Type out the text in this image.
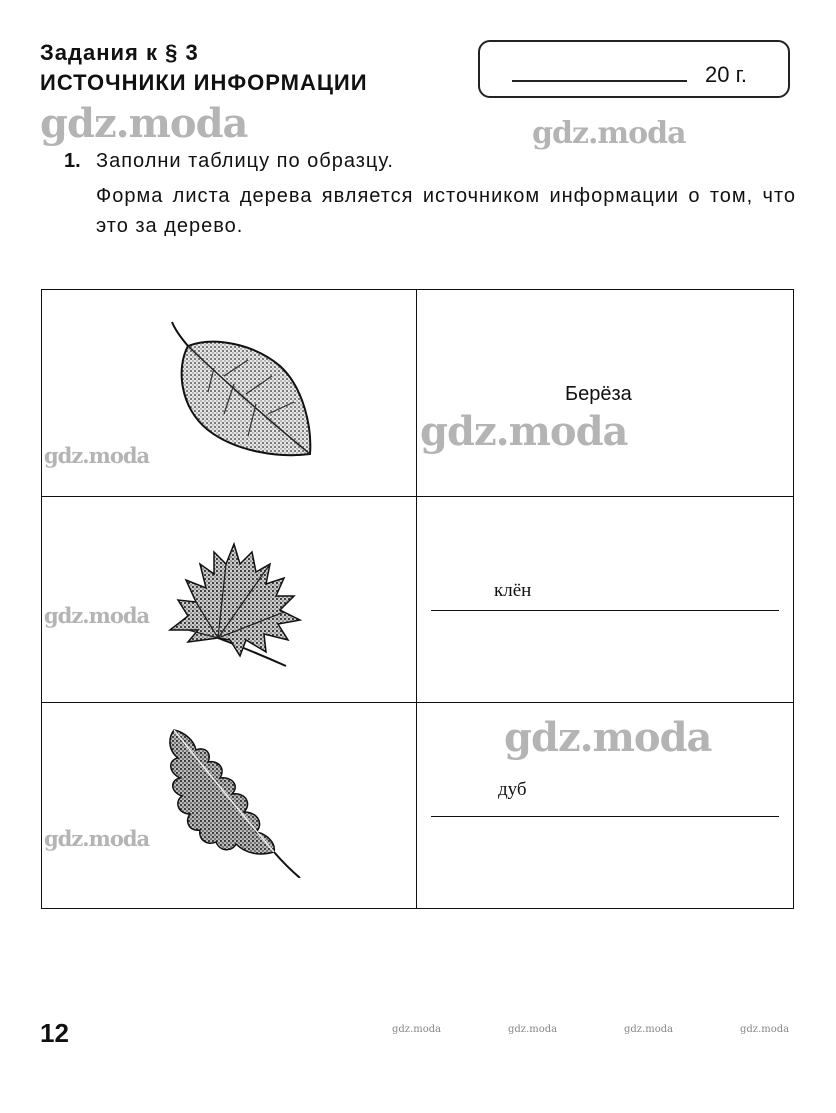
Задания к § 3
ИСТОЧНИКИ ИНФОРМАЦИИ	20 г.
gdz.moda	gdz.moda
1. Заполни таблицу по образцу.
Форма листа дерева является источником информации о том, что это за дерево.
gdz.moda
Берёза
gdz.moda
gdz.moda
клён
gdz.moda
gdz.moda
дуб
12	gdz.moda	gdz.moda	gdz.moda	gdz.moda
